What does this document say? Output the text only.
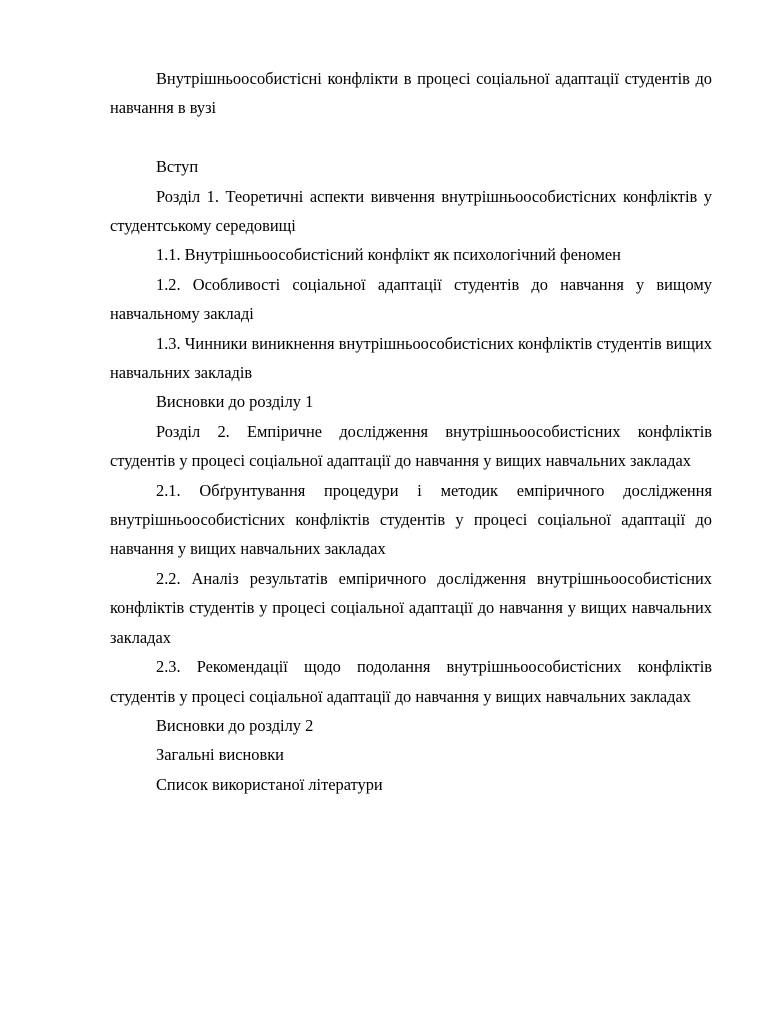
Внутрішньоособистісні конфлікти в процесі соціальної адаптації студентів до навчання в вузі

Вступ

Розділ 1. Теоретичні аспекти вивчення внутрішньоособистісних конфліктів у студентському середовищі

1.1. Внутрішньоособистісний конфлікт як психологічний феномен

1.2. Особливості соціальної адаптації студентів до навчання у вищому навчальному закладі

1.3. Чинники виникнення внутрішньоособистісних конфліктів студентів вищих навчальних закладів

Висновки до розділу 1

Розділ 2. Емпіричне дослідження внутрішньоособистісних конфліктів студентів у процесі соціальної адаптації до навчання у вищих навчальних закладах

2.1. Обґрунтування процедури і методик емпіричного дослідження внутрішньоособистісних конфліктів студентів у процесі соціальної адаптації до навчання у вищих навчальних закладах

2.2. Аналіз результатів емпіричного дослідження внутрішньоособистісних конфліктів студентів у процесі соціальної адаптації до навчання у вищих навчальних закладах

2.3. Рекомендації щодо подолання внутрішньоособистісних конфліктів студентів у процесі соціальної адаптації до навчання у вищих навчальних закладах

Висновки до розділу 2

Загальні висновки

Список використаної літератури
